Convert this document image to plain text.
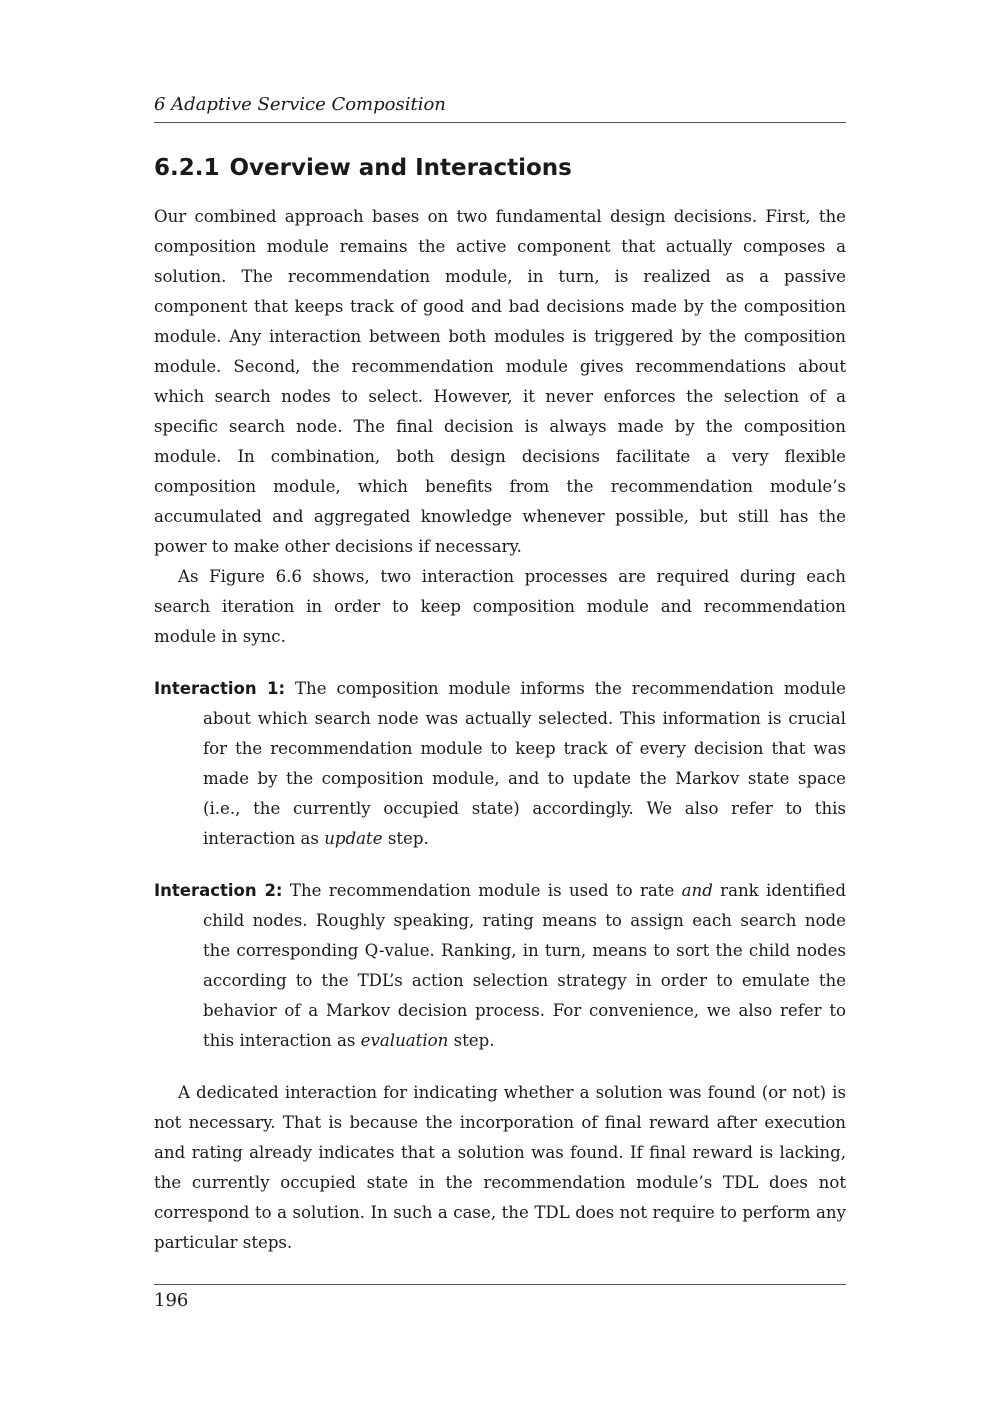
6 Adaptive Service Composition
6.2.1 Overview and Interactions

Our combined approach bases on two fundamental design decisions. First, the composition module remains the active component that actually composes a solution. The recommendation module, in turn, is realized as a passive component that keeps track of good and bad decisions made by the composition module. Any interaction between both modules is triggered by the composition module. Second, the recommendation module gives recommendations about which search nodes to select. However, it never enforces the selection of a specific search node. The final decision is always made by the composition module. In combination, both design decisions facilitate a very flexible composition module, which benefits from the recommendation module’s accumulated and aggregated knowledge whenever possible, but still has the power to make other decisions if necessary.

As Figure 6.6 shows, two interaction processes are required during each search iteration in order to keep composition module and recommendation module in sync.

Interaction 1: The composition module informs the recommendation module about which search node was actually selected. This information is crucial for the recommendation module to keep track of every decision that was made by the composition module, and to update the Markov state space (i.e., the currently occupied state) accordingly. We also refer to this interaction as update step.

Interaction 2: The recommendation module is used to rate and rank identified child nodes. Roughly speaking, rating means to assign each search node the corresponding Q-value. Ranking, in turn, means to sort the child nodes according to the TDL’s action selection strategy in order to emulate the behavior of a Markov decision process. For convenience, we also refer to this interaction as evaluation step.

A dedicated interaction for indicating whether a solution was found (or not) is not necessary. That is because the incorporation of final reward after execution and rating already indicates that a solution was found. If final reward is lacking, the currently occupied state in the recommendation module’s TDL does not correspond to a solution. In such a case, the TDL does not require to perform any particular steps.

196
